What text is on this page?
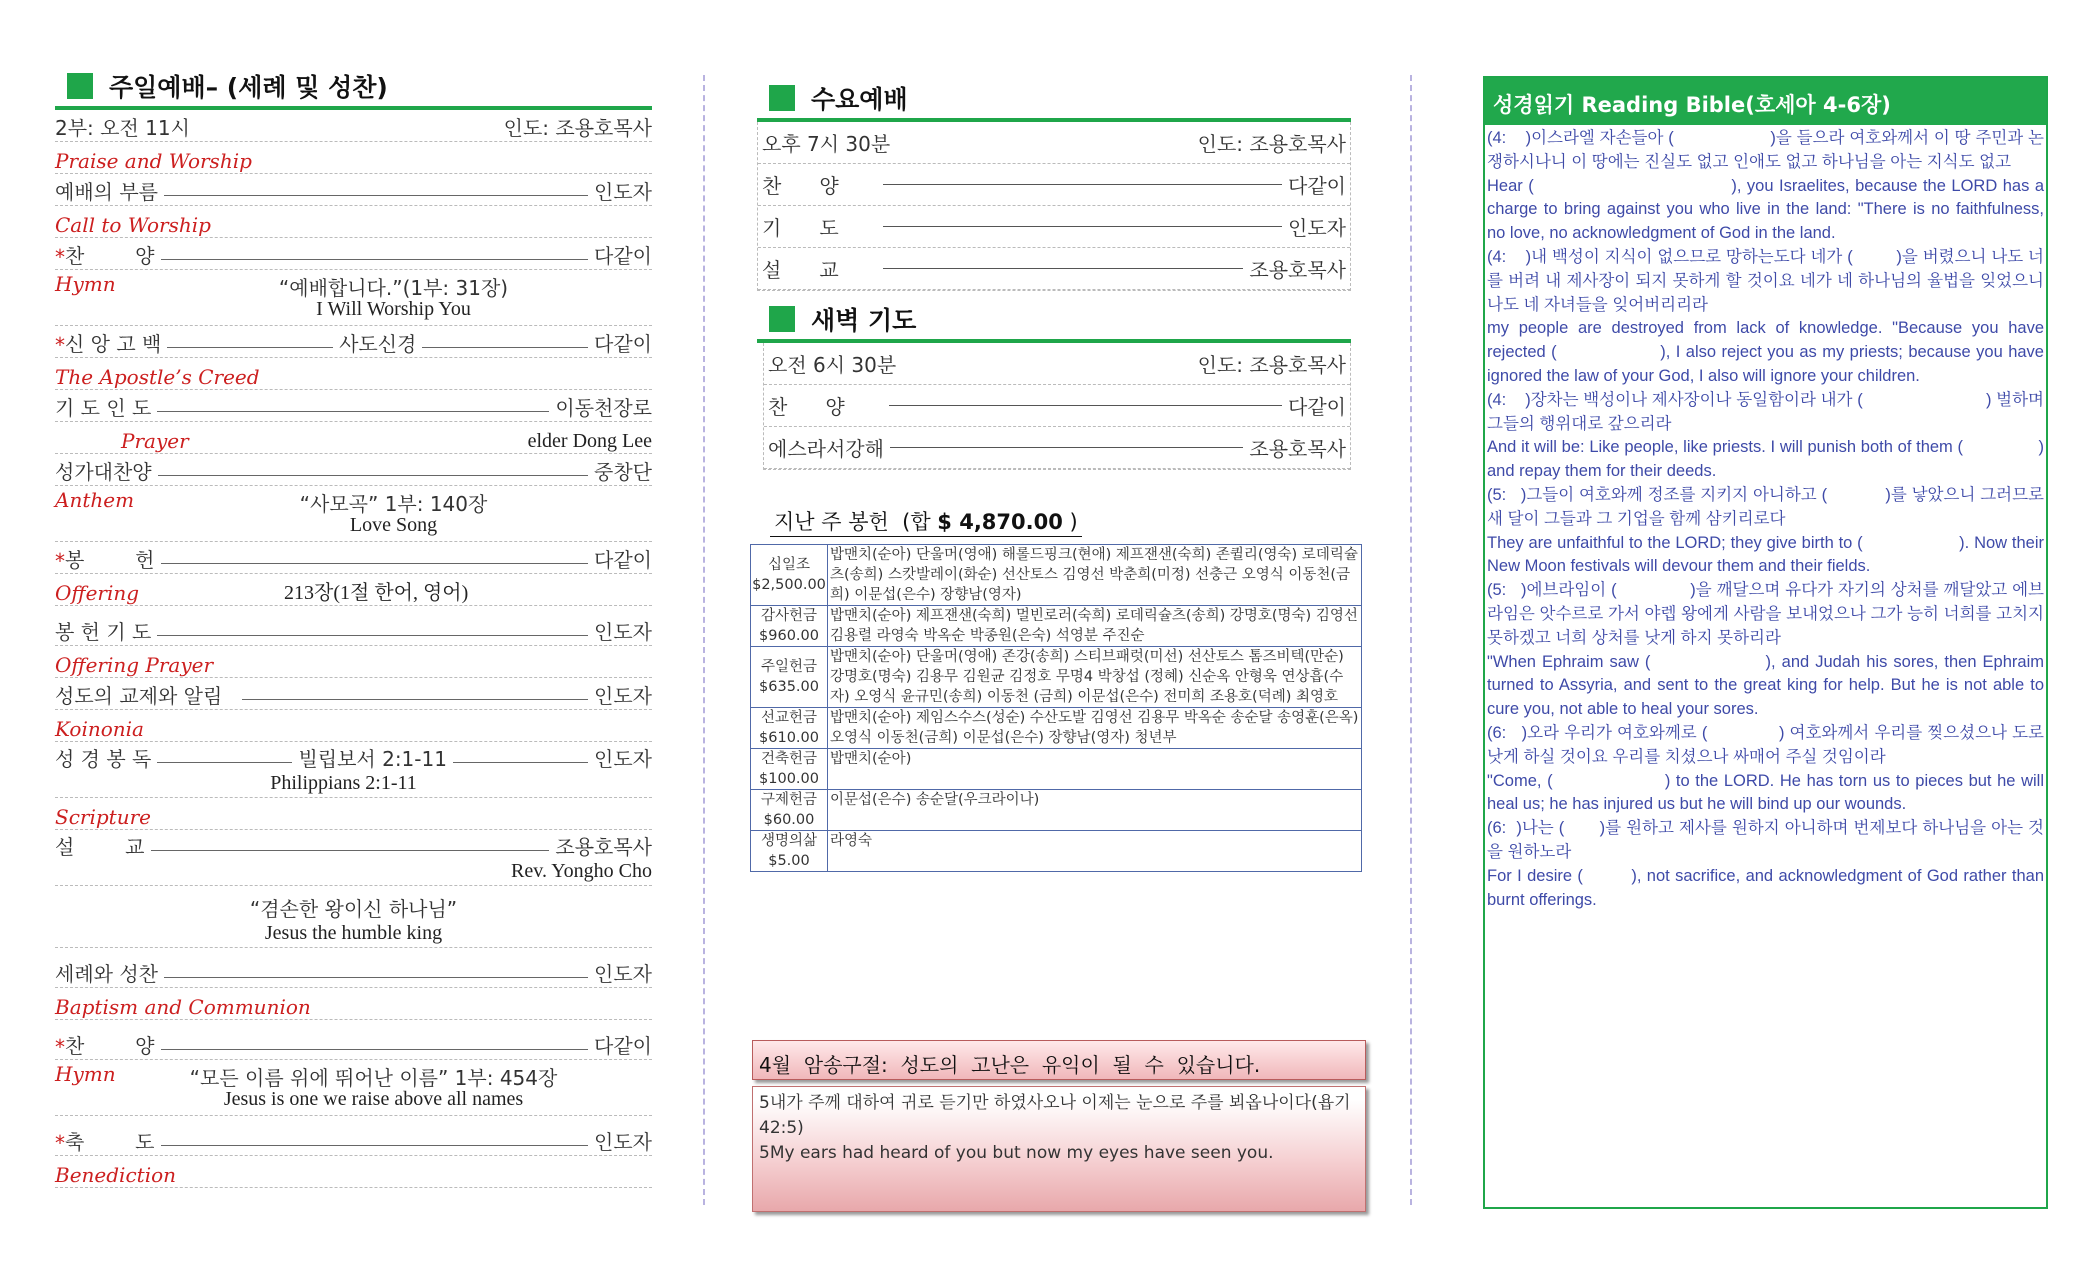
주일예배– (세례 및 성찬)
2부: 오전 11시	인도: 조용호목사
Praise and Worship
예배의 부름	인도자
Call to Worship
* 찬        양	다같이
Hymn	“예배합니다.”(1부: 31장)
I Will Worship You
* 신 앙 고 백	사도신경	다같이
The Apostle’s Creed
기 도 인 도	이동천장로
Prayer	elder Dong Lee
성가대찬양	중창단
Anthem	“사모곡” 1부: 140장
Love Song
* 봉        헌	다같이
Offering	213장(1절 한어, 영어)
봉 헌 기 도	인도자
Offering Prayer
성도의 교제와 알림	인도자
Koinonia
성 경 봉 독	빌립보서 2:1-11	인도자
Philippians 2:1-11
Scripture
설        교	조용호목사
Rev. Yongho Cho
“겸손한 왕이신 하나님”
Jesus the humble king
세례와 성찬	인도자
Baptism and Communion
* 찬        양	다같이
Hymn	“모든 이름 위에 뛰어난 이름” 1부: 454장
Jesus is one we raise above all names
* 축        도	인도자
Benediction
수요예배
오후 7시 30분	인도: 조용호목사
찬양	다같이
기도	인도자
설교	조용호목사
새벽 기도
오전 6시 30분	인도: 조용호목사
찬양	다같이
에스라서강해	조용호목사
지난 주 봉헌  (합 $ 4,870.00 )
십일조
$2,500.00	밥맨치(순아) 단울머(영애) 해롤드핑크(현애) 제프잰샌(숙희) 존퀼리(영숙) 로데릭슐츠(송희) 스캇발레이(화순) 선산토스 김영선 박춘희(미정) 선충근 오영식 이동천(금희) 이문섭(은수) 장향남(영자)

감사헌금
$960.00	밥맨치(순아) 제프잰샌(숙희) 멀빈로러(숙희) 로데릭슐츠(송희) 강명호(명숙) 김영선 김용렬 라영숙 박옥순 박종원(은숙) 석영분 주진순

주일헌금
$635.00	밥맨치(순아) 단울머(영애) 존강(송희) 스티브패럿(미선) 선산토스 톰즈비텍(만순) 강명호(명숙) 김용무 김원균 김정호 무명4 박창섭 (정혜) 신순옥 안형욱 연상흡(수자) 오영식 윤규민(송희) 이동천 (금희) 이문섭(은수) 전미희 조용호(덕례) 최영호

선교헌금
$610.00	밥맨치(순아) 제임스수스(성순) 수산도발 김영선 김용무 박옥순 송순달 송영훈(은옥) 오영식 이동천(금희) 이문섭(은수) 장향남(영자) 청년부

건축헌금
$100.00	밥맨치(순아)

구제헌금
$60.00	이문섭(은수) 송순달(우크라이나)

생명의삶
$5.00	라영숙
4월  암송구절:  성도의  고난은  유익이  될  수  있습니다.
5내가 주께 대하여 귀로 듣기만 하였사오나 이제는 눈으로 주를 뵈옵나이다(욥기 42:5)
5My ears had heard of you but now my eyes have seen you.
성경읽기 Reading Bible(호세아 4-6장)

(4:    )이스라엘 자손들아 (                    )을 들으라 여호와께서 이 땅 주민과 논쟁하시나니 이 땅에는 진실도 없고 인애도 없고 하나님을 아는 지식도 없고

Hear (                                    ), you Israelites, because the LORD has a charge to bring against you who live in the land: "There is no faithfulness, no love, no acknowledgment of God in the land.

(4:    )내 백성이 지식이 없으므로 망하는도다 네가 (         )을 버렸으니 나도 너를 버려 내 제사장이 되지 못하게 할 것이요 네가 네 하나님의 율법을 잊었으니 나도 네 자녀들을 잊어버리리라

my people are destroyed from lack of knowledge. "Because you have rejected (                   ), I also reject you as my priests; because you have ignored the law of your God, I also will ignore your children.

(4:    )장차는 백성이나 제사장이나 동일함이라 내가 (                          ) 벌하며 그들의 행위대로 갚으리라

And it will be: Like people, like priests. I will punish both of them (                ) and repay them for their deeds.

(5:   )그들이 여호와께 정조를 지키지 아니하고 (            )를 낳았으니 그러므로 새 달이 그들과 그 기업을 함께 삼키리로다

They are unfaithful to the LORD; they give birth to (                    ). Now their New Moon festivals will devour them and their fields.

(5:   )에브라임이 (               )을 깨달으며 유다가 자기의 상처를 깨달았고 에브라임은 앗수르로 가서 야렙 왕에게 사람을 보내었으나 그가 능히 너희를 고치지 못하겠고 너희 상처를 낫게 하지 못하리라

"When Ephraim saw (                   ), and Judah his sores, then Ephraim turned to Assyria, and sent to the great king for help. But he is not able to cure you, not able to heal your sores.

(6:   )오라 우리가 여호와께로 (              ) 여호와께서 우리를 찢으셨으나 도로 낫게 하실 것이요 우리를 치셨으나 싸매어 주실 것임이라

"Come, (                    ) to the LORD. He has torn us to pieces but he will heal us; he has injured us but he will bind up our wounds.

(6:  )나는 (       )를 원하고 제사를 원하지 아니하며 번제보다 하나님을 아는 것을 원하노라

For I desire (         ), not sacrifice, and acknowledgment of God rather than burnt offerings.
